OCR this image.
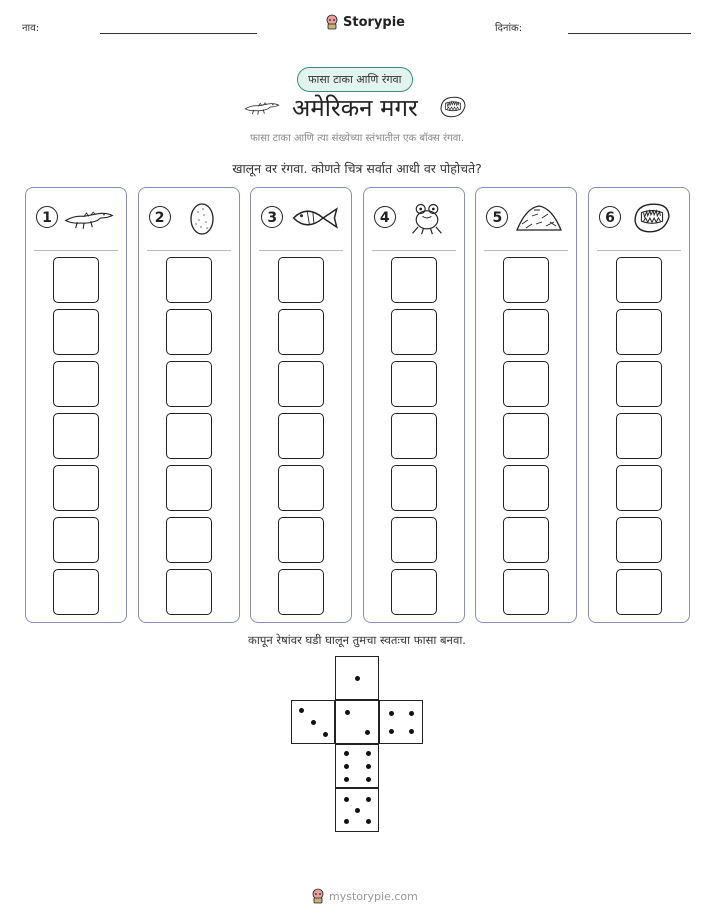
नाव:	Storypie	दिनांक:
फासा टाका आणि रंगवा
अमेरिकन मगर
फासा टाका आणि त्या संख्येच्या स्तंभातील एक बॉक्स रंगवा.
खालून वर रंगवा. कोणते चित्र सर्वात आधी वर पोहोचते?
1	2	3	4	5	6
कापून रेषांवर घडी घालून तुमचा स्वतःचा फासा बनवा.
mystorypie.com
